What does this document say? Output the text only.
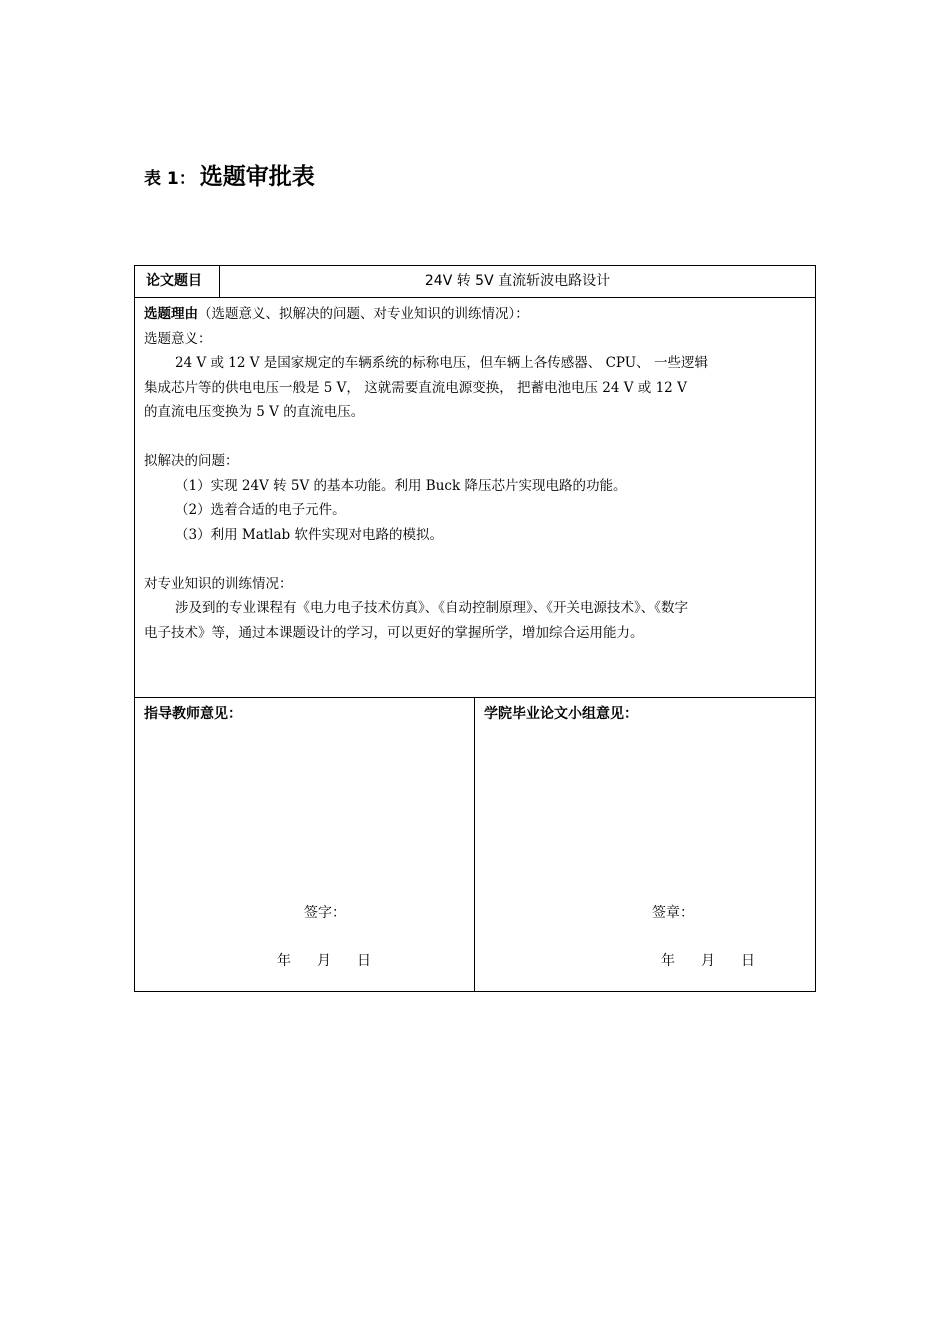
表 1： 选题审批表
论文题目	24V 转 5V 直流斩波电路设计

选题理由（选题意义、拟解决的问题、对专业知识的训练情况）：

选题意义：

24 V 或 12 V 是国家规定的车辆系统的标称电压，但车辆上各传感器、 CPU、 一些逻辑

集成芯片等的供电电压一般是 5 V， 这就需要直流电源变换， 把蓄电池电压 24 V 或 12 V

的直流电压变换为 5 V 的直流电压。

拟解决的问题：

（1）实现 24V 转 5V 的基本功能。利用 Buck 降压芯片实现电路的功能。

（2）选着合适的电子元件。

（3）利用 Matlab 软件实现对电路的模拟。

对专业知识的训练情况：

涉及到的专业课程有《电力电子技术仿真》、《自动控制原理》、《开关电源技术》、《数字

电子技术》等，通过本课题设计的学习，可以更好的掌握所学，增加综合运用能力。

指导教师意见：
签字：
年 月 日
学院毕业论文小组意见：
签章：
年 月 日
